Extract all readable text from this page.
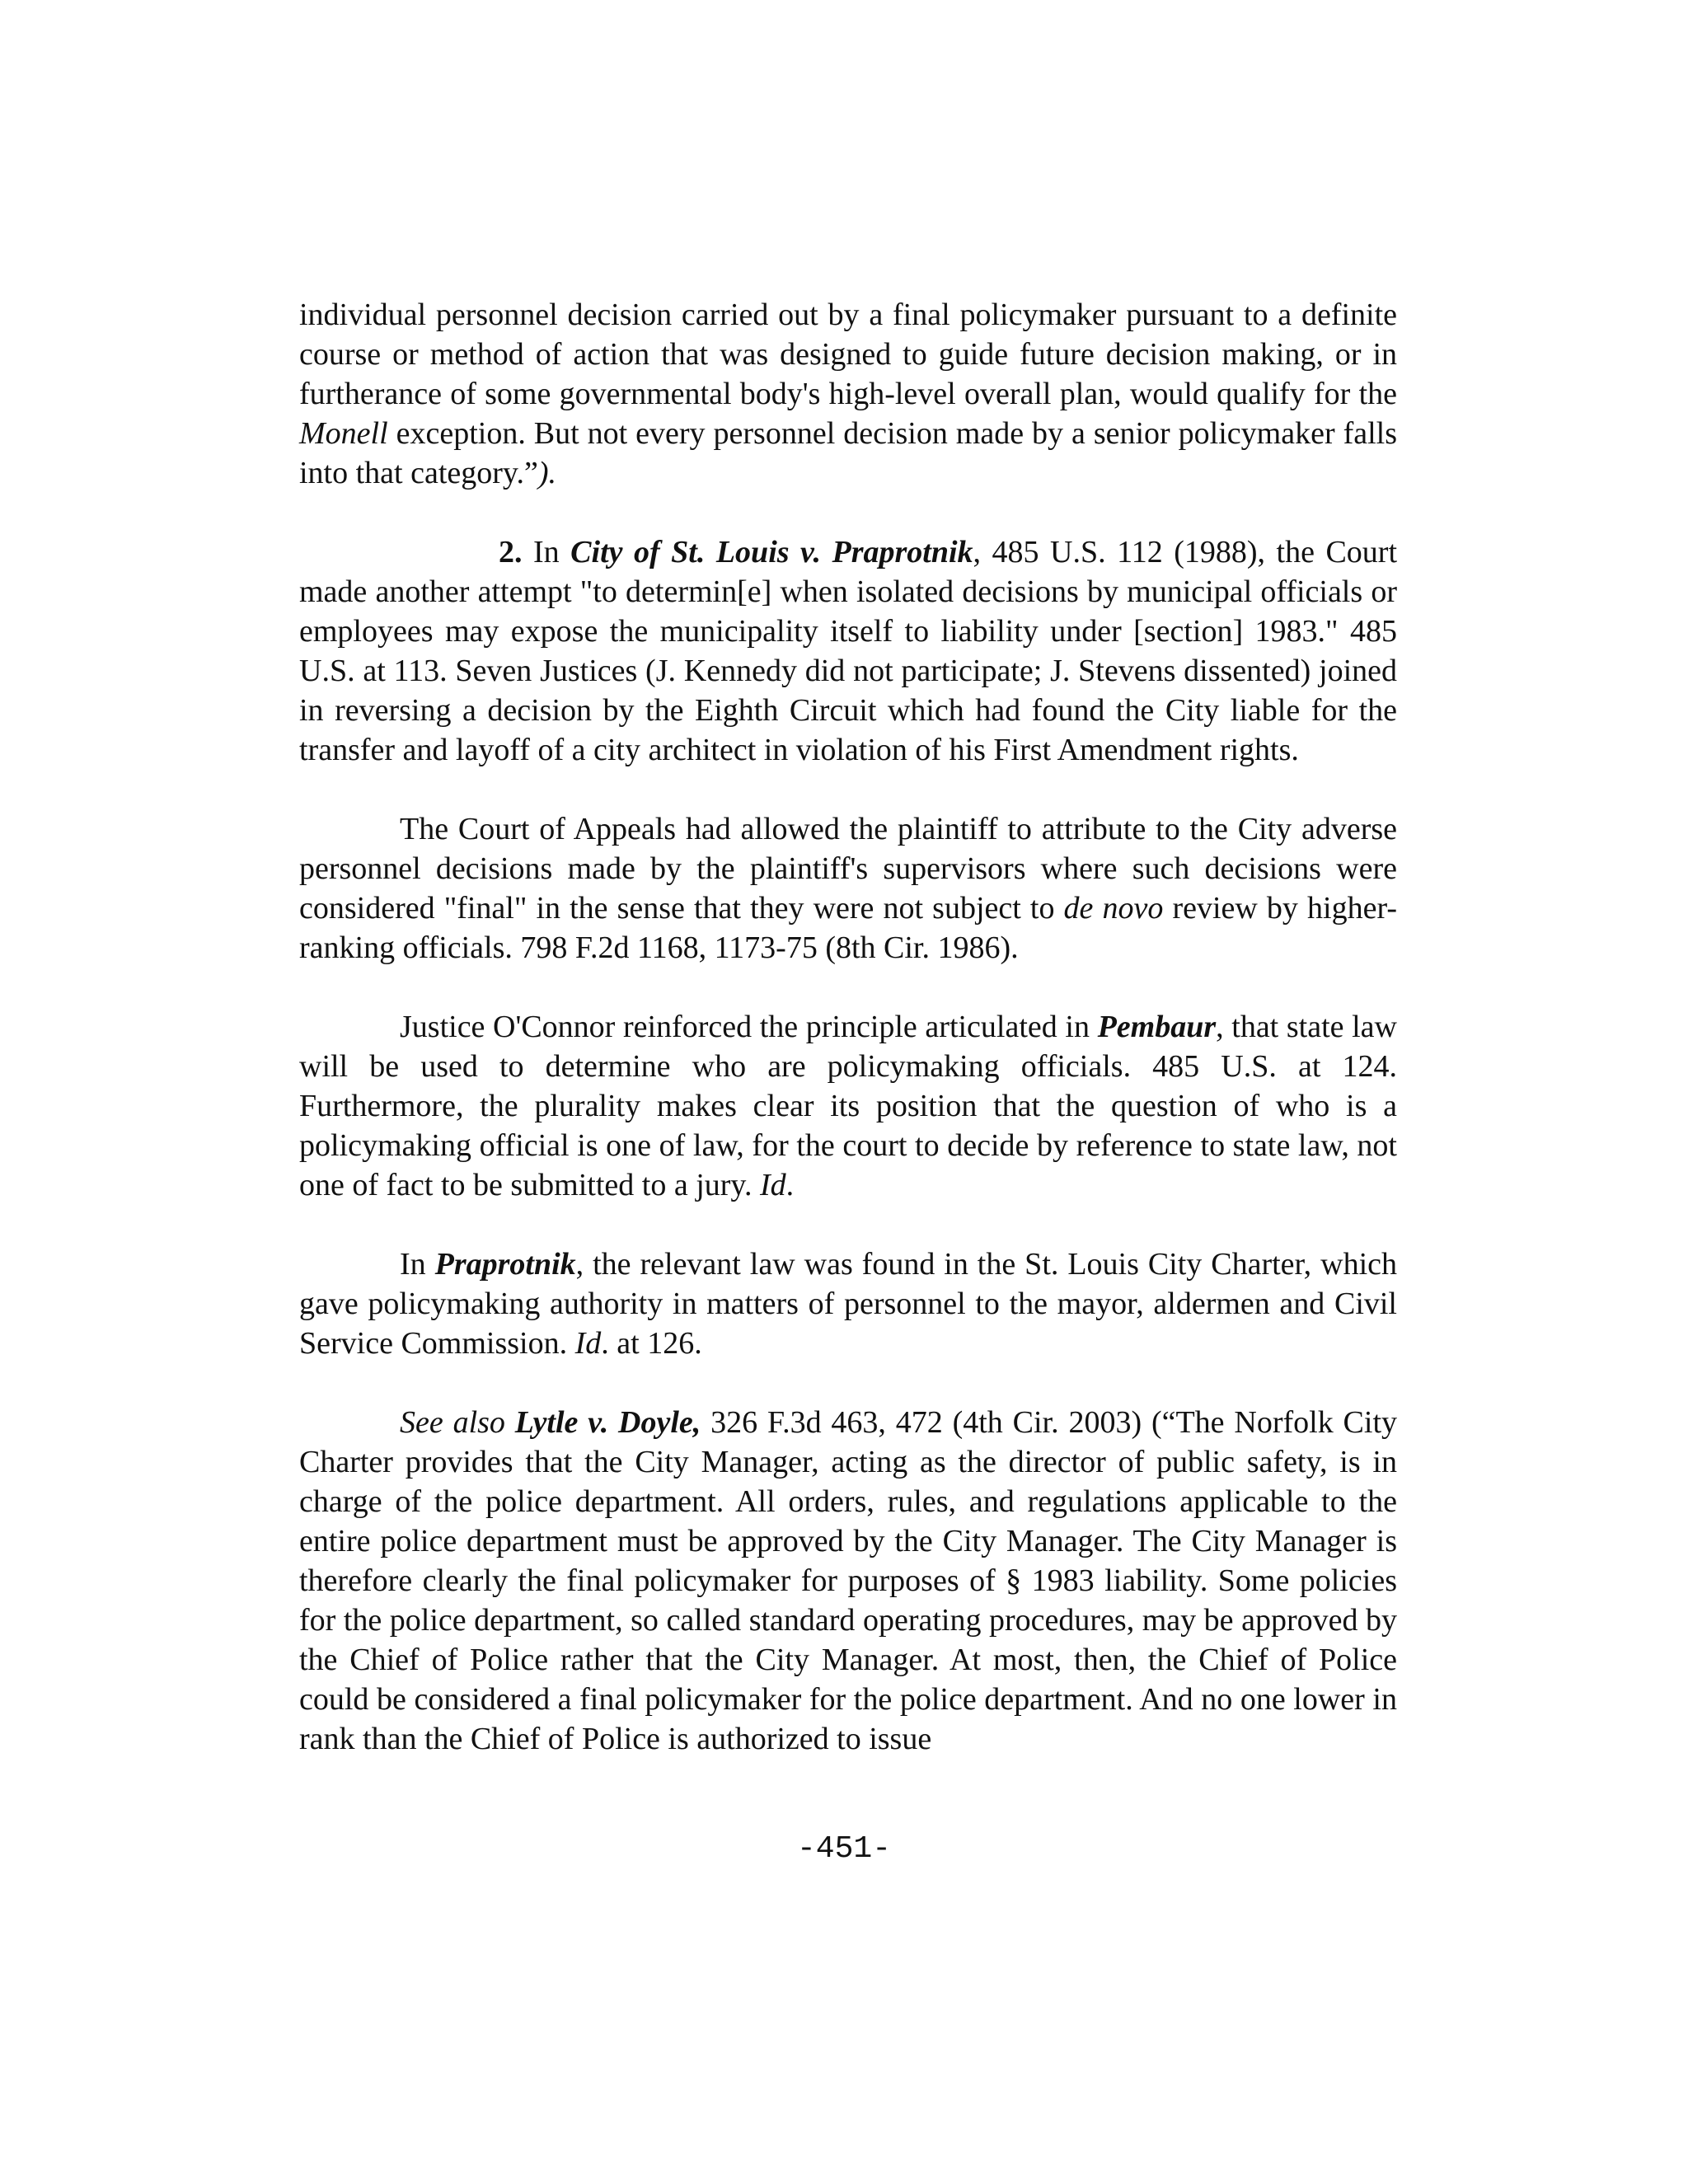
individual personnel decision carried out by a final policymaker pursuant to a definite course or method of action that was designed to guide future decision making, or in furtherance of some governmental body's high-level overall plan, would qualify for the Monell exception. But not every personnel decision made by a senior policymaker falls into that category.”).

2. In City of St. Louis v. Praprotnik, 485 U.S. 112 (1988), the Court made another attempt "to determin[e] when isolated decisions by municipal officials or employees may expose the municipality itself to liability under [section] 1983." 485 U.S. at 113. Seven Justices (J. Kennedy did not participate; J. Stevens dissented) joined in reversing a decision by the Eighth Circuit which had found the City liable for the transfer and layoff of a city architect in violation of his First Amendment rights.

The Court of Appeals had allowed the plaintiff to attribute to the City adverse personnel decisions made by the plaintiff's supervisors where such decisions were considered "final" in the sense that they were not subject to de novo review by higher-ranking officials. 798 F.2d 1168, 1173-75 (8th Cir. 1986).

Justice O'Connor reinforced the principle articulated in Pembaur, that state law will be used to determine who are policymaking officials. 485 U.S. at 124. Furthermore, the plurality makes clear its position that the question of who is a policymaking official is one of law, for the court to decide by reference to state law, not one of fact to be submitted to a jury. Id.

In Praprotnik, the relevant law was found in the St. Louis City Charter, which gave policymaking authority in matters of personnel to the mayor, aldermen and Civil Service Commission. Id. at 126.

See also Lytle v. Doyle, 326 F.3d 463, 472 (4th Cir. 2003) (“The Norfolk City Charter provides that the City Manager, acting as the director of public safety, is in charge of the police department. All orders, rules, and regulations applicable to the entire police department must be approved by the City Manager. The City Manager is therefore clearly the final policymaker for purposes of § 1983 liability. Some policies for the police department, so called standard operating procedures, may be approved by the Chief of Police rather that the City Manager. At most, then, the Chief of Police could be considered a final policymaker for the police department. And no one lower in rank than the Chief of Police is authorized to issue

-451-
